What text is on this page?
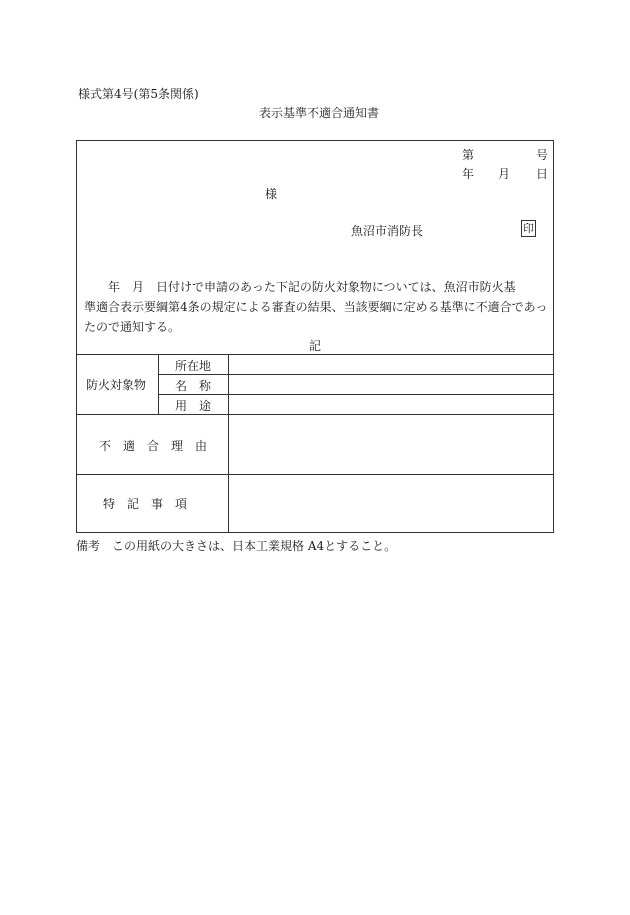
様式第4号(第5条関係)
表示基準不適合通知書
第	号
年 月 日
様
魚沼市消防長	印
　　年　月　日付けで申請のあった下記の防火対象物については、魚沼市防火基
準適合表示要綱第4条の規定による審査の結果、当該要綱に定める基準に不適合であっ
たので通知する。
記
防火対象物
所在地
名　称
用　途
不　適　合　理　由
特　記　事　項
備考　この用紙の大きさは、日本工業規格 A4とすること。
